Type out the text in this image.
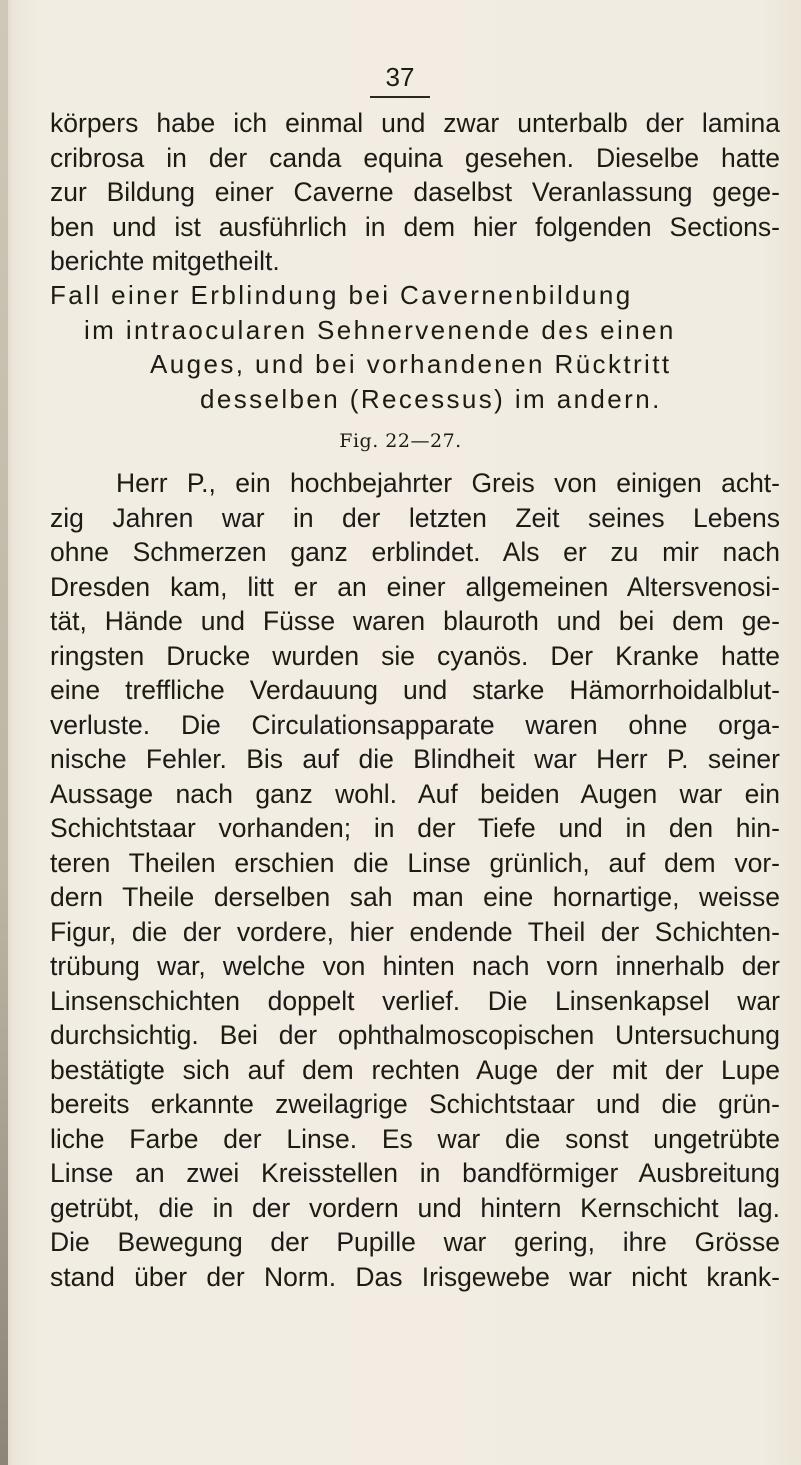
37
körpers habe ich einmal und zwar unterbalb der lamina
cribrosa in der canda equina gesehen. Dieselbe hatte
zur Bildung einer Caverne daselbst Veranlassung gege-
ben und ist ausführlich in dem hier folgenden Sections-
berichte mitgetheilt.
Fall einer Erblindung bei Cavernenbildung
im intraocularen Sehnervenende des einen
Auges, und bei vorhandenen Rücktritt
desselben (Recessus) im andern.
Fig. 22—27.
Herr P., ein hochbejahrter Greis von einigen acht-
zig Jahren war in der letzten Zeit seines Lebens
ohne Schmerzen ganz erblindet. Als er zu mir nach
Dresden kam, litt er an einer allgemeinen Altersvenosi-
tät, Hände und Füsse waren blauroth und bei dem ge-
ringsten Drucke wurden sie cyanös. Der Kranke hatte
eine treffliche Verdauung und starke Hämorrhoidalblut-
verluste. Die Circulationsapparate waren ohne orga-
nische Fehler. Bis auf die Blindheit war Herr P. seiner
Aussage nach ganz wohl. Auf beiden Augen war ein
Schichtstaar vorhanden; in der Tiefe und in den hin-
teren Theilen erschien die Linse grünlich, auf dem vor-
dern Theile derselben sah man eine hornartige, weisse
Figur, die der vordere, hier endende Theil der Schichten-
trübung war, welche von hinten nach vorn innerhalb der
Linsenschichten doppelt verlief. Die Linsenkapsel war
durchsichtig. Bei der ophthalmoscopischen Untersuchung
bestätigte sich auf dem rechten Auge der mit der Lupe
bereits erkannte zweilagrige Schichtstaar und die grün-
liche Farbe der Linse. Es war die sonst ungetrübte
Linse an zwei Kreisstellen in bandförmiger Ausbreitung
getrübt, die in der vordern und hintern Kernschicht lag.
Die Bewegung der Pupille war gering, ihre Grösse
stand über der Norm. Das Irisgewebe war nicht krank-
